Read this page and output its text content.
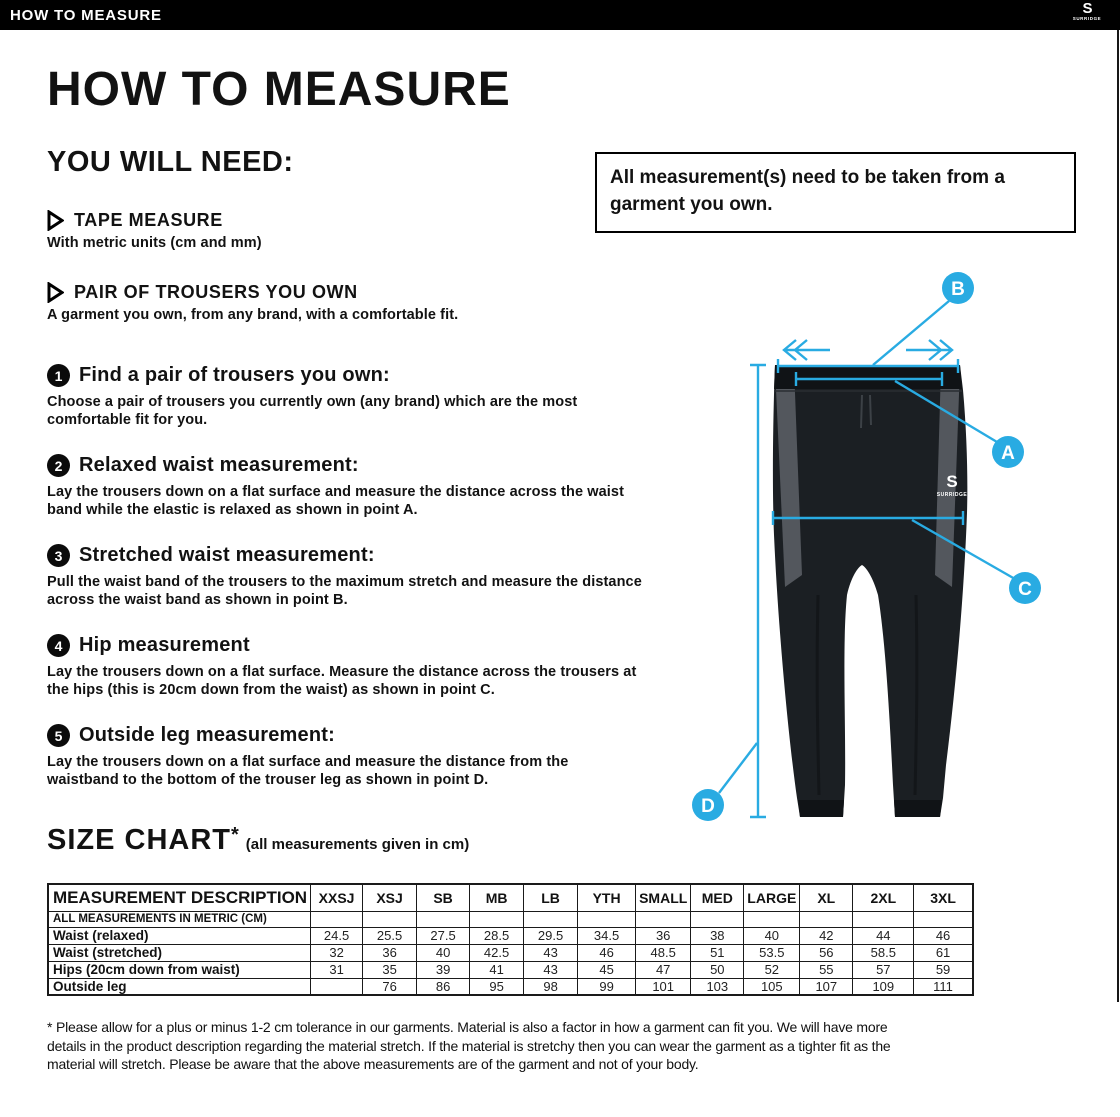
HOW TO MEASURE	S
SURRIDGE
HOW TO MEASURE
YOU WILL NEED:	All measurement(s) need to be taken from a garment you own.
TAPE MEASURE
With metric units (cm and mm)
PAIR OF TROUSERS YOU OWN
A garment you own, from any brand, with a comfortable fit.
1 Find a pair of trousers you own:
Choose a pair of trousers you currently own (any brand) which are the most comfortable fit for you.
2 Relaxed waist measurement:
Lay the trousers down on a flat surface and measure the distance across the waist band while the elastic is relaxed as shown in point A.
3 Stretched waist measurement:
Pull the waist band of the trousers to the maximum stretch and measure the distance across the waist band as shown in point B.
4 Hip measurement
Lay the trousers down on a flat surface. Measure the distance across the trousers at the hips (this is 20cm down from the waist) as shown in point C.
5 Outside leg measurement:
Lay the trousers down on a flat surface and measure the distance from the waistband to the bottom of the trouser leg as shown in point D.
S
SURRIDGE
B
A
C
D
SIZE CHART * (all measurements given in cm)
MEASUREMENT DESCRIPTION	XXSJ	XSJ	SB	MB	LB	YTH	SMALL	MED	LARGE	XL	2XL	3XL
ALL MEASUREMENTS IN METRIC (CM)												
Waist (relaxed)	24.5	25.5	27.5	28.5	29.5	34.5	36	38	40	42	44	46
Waist (stretched)	32	36	40	42.5	43	46	48.5	51	53.5	56	58.5	61
Hips (20cm down from waist)	31	35	39	41	43	45	47	50	52	55	57	59
Outside leg		76	86	95	98	99	101	103	105	107	109	111
* Please allow for a plus or minus 1-2 cm tolerance in our garments. Material is also a factor in how a garment can fit you. We will have more details in the product description regarding the material stretch. If the material is stretchy then you can wear the garment as a tighter fit as the material will stretch. Please be aware that the above measurements are of the garment and not of your body.
